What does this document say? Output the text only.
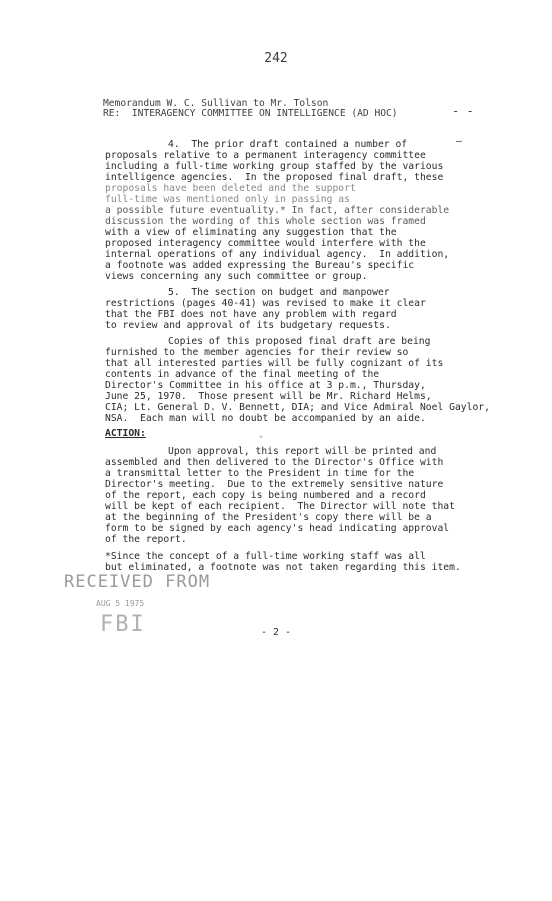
242
Memorandum W. C. Sullivan to Mr. Tolson
RE:  INTERAGENCY COMMITTEE ON INTELLIGENCE (AD HOC)	- -
4.  The prior draft contained a number of	—
proposals relative to a permanent interagency committee
including a full-time working group staffed by the various
intelligence agencies.  In the proposed final draft, these
proposals have been deleted and the support
full-time was mentioned only in passing as
a possible future eventuality.* In fact, after considerable
discussion the wording of this whole section was framed
with a view of eliminating any suggestion that the
proposed interagency committee would interfere with the
internal operations of any individual agency.  In addition,
a footnote was added expressing the Bureau's specific
views concerning any such committee or group.
5.  The section on budget and manpower
restrictions (pages 40-41) was revised to make it clear
that the FBI does not have any problem with regard
to review and approval of its budgetary requests.
Copies of this proposed final draft are being
furnished to the member agencies for their review so
that all interested parties will be fully cognizant of its
contents in advance of the final meeting of the
Director's Committee in his office at 3 p.m., Thursday,
June 25, 1970.  Those present will be Mr. Richard Helms,
CIA; Lt. General D. V. Bennett, DIA; and Vice Admiral Noel Gaylor,
NSA.  Each man will no doubt be accompanied by an aide.
ACTION:	ᵕ
Upon approval, this report will be printed and
assembled and then delivered to the Director's Office with
a transmittal letter to the President in time for the
Director's meeting.  Due to the extremely sensitive nature
of the report, each copy is being numbered and a record
will be kept of each recipient.  The Director will note that
at the beginning of the President's copy there will be a
form to be signed by each agency's head indicating approval
of the report.
*Since the concept of a full-time working staff was all
but eliminated, a footnote was not taken regarding this item.
RECEIVED FROM
AUG 5 1975
FBI	- 2 -
